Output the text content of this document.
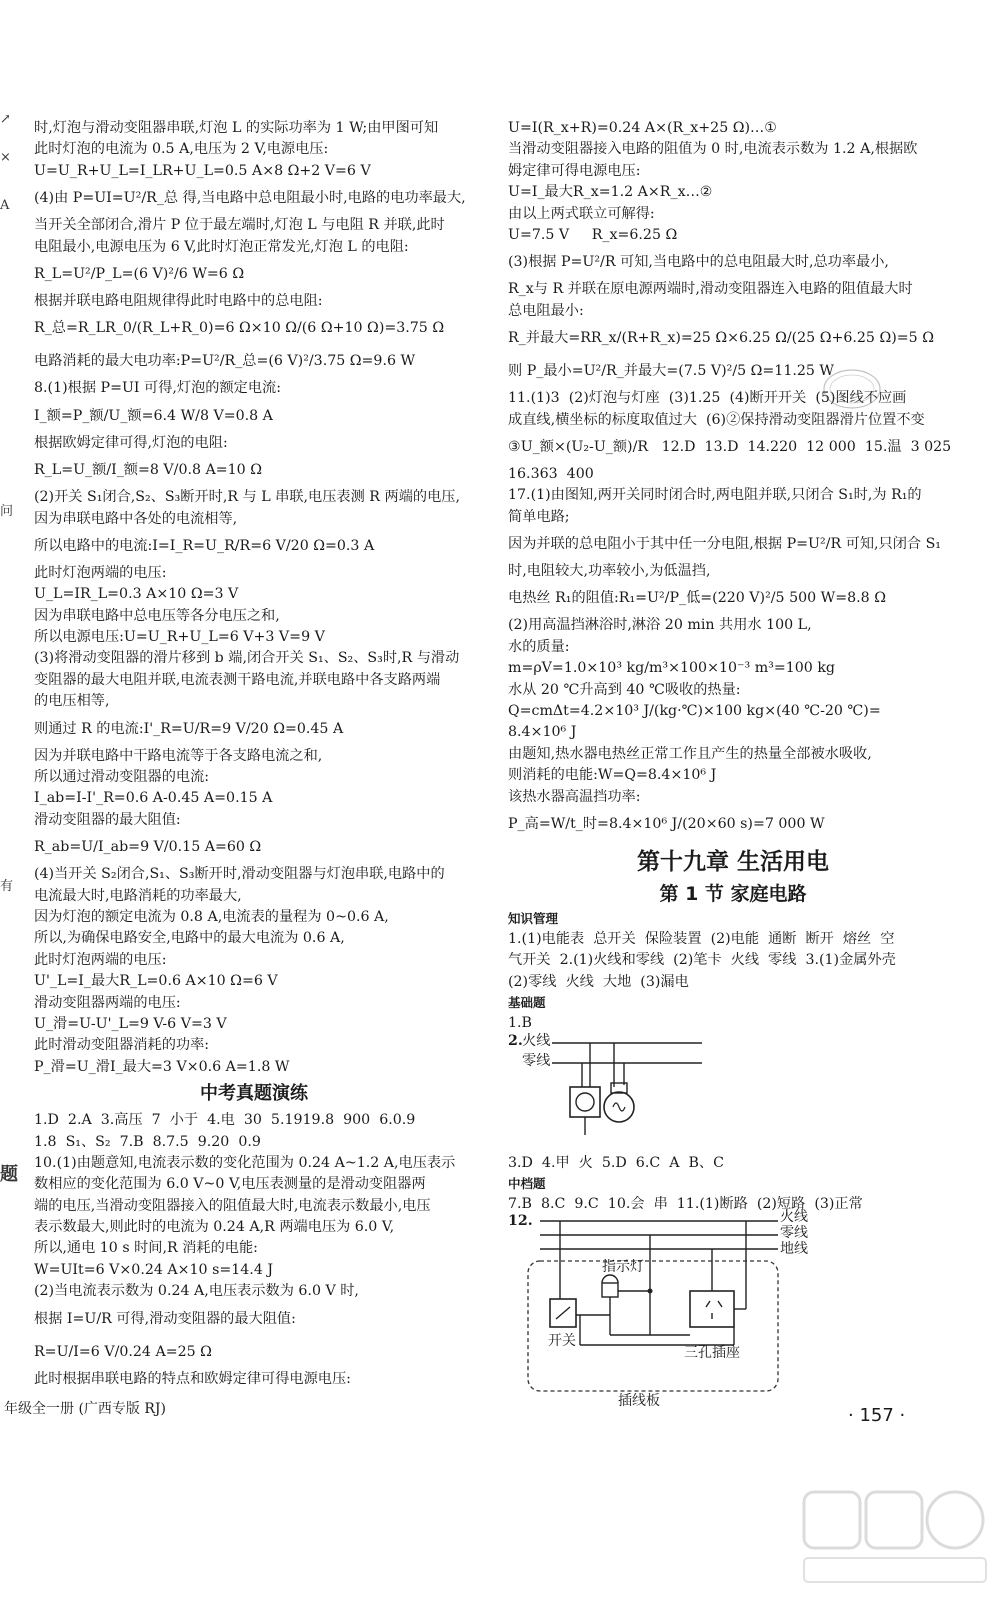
↗
×
A
问
有
题
时,灯泡与滑动变阻器串联,灯泡 L 的实际功率为 1 W;由甲图可知
此时灯泡的电流为 0.5 A,电压为 2 V,电源电压:
U=U_R+U_L=I_LR+U_L=0.5 A×8 Ω+2 V=6 V
(4)由 P=UI=U²/R_总 得,当电路中总电阻最小时,电路的电功率最大,
当开关全部闭合,滑片 P 位于最左端时,灯泡 L 与电阻 R 并联,此时
电阻最小,电源电压为 6 V,此时灯泡正常发光,灯泡 L 的电阻:
R_L=U²/P_L=(6 V)²/6 W=6 Ω
根据并联电路电阻规律得此时电路中的总电阻:
R_总=R_LR_0/(R_L+R_0)=6 Ω×10 Ω/(6 Ω+10 Ω)=3.75 Ω
电路消耗的最大电功率:P=U²/R_总=(6 V)²/3.75 Ω=9.6 W
8.(1)根据 P=UI 可得,灯泡的额定电流:
I_额=P_额/U_额=6.4 W/8 V=0.8 A
根据欧姆定律可得,灯泡的电阻:
R_L=U_额/I_额=8 V/0.8 A=10 Ω
(2)开关 S₁闭合,S₂、S₃断开时,R 与 L 串联,电压表测 R 两端的电压,
因为串联电路中各处的电流相等,
所以电路中的电流:I=I_R=U_R/R=6 V/20 Ω=0.3 A
此时灯泡两端的电压:
U_L=IR_L=0.3 A×10 Ω=3 V
因为串联电路中总电压等各分电压之和,
所以电源电压:U=U_R+U_L=6 V+3 V=9 V
(3)将滑动变阻器的滑片移到 b 端,闭合开关 S₁、S₂、S₃时,R 与滑动
变阻器的最大电阻并联,电流表测干路电流,并联电路中各支路两端
的电压相等,
则通过 R 的电流:I'_R=U/R=9 V/20 Ω=0.45 A
因为并联电路中干路电流等于各支路电流之和,
所以通过滑动变阻器的电流:
I_ab=I-I'_R=0.6 A-0.45 A=0.15 A
滑动变阻器的最大阻值:
R_ab=U/I_ab=9 V/0.15 A=60 Ω
(4)当开关 S₂闭合,S₁、S₃断开时,滑动变阻器与灯泡串联,电路中的
电流最大时,电路消耗的功率最大,
因为灯泡的额定电流为 0.8 A,电流表的量程为 0~0.6 A,
所以,为确保电路安全,电路中的最大电流为 0.6 A,
此时灯泡两端的电压:
U'_L=I_最大R_L=0.6 A×10 Ω=6 V
滑动变阻器两端的电压:
U_滑=U-U'_L=9 V-6 V=3 V
此时滑动变阻器消耗的功率:
P_滑=U_滑I_最大=3 V×0.6 A=1.8 W
中考真题演练
1.D  2.A  3.高压  7  小于  4.电  30  5.1919.8  900  6.0.9
1.8  S₁、S₂  7.B  8.7.5  9.20  0.9
10.(1)由题意知,电流表示数的变化范围为 0.24 A~1.2 A,电压表示
数相应的变化范围为 6.0 V~0 V,电压表测量的是滑动变阻器两
端的电压,当滑动变阻器接入的阻值最大时,电流表示数最小,电压
表示数最大,则此时的电流为 0.24 A,R 两端电压为 6.0 V,
所以,通电 10 s 时间,R 消耗的电能:
W=UIt=6 V×0.24 A×10 s=14.4 J
(2)当电流表示数为 0.24 A,电压表示数为 6.0 V 时,
根据 I=U/R 可得,滑动变阻器的最大阻值:
R=U/I=6 V/0.24 A=25 Ω
此时根据串联电路的特点和欧姆定律可得电源电压:
U=I(R_x+R)=0.24 A×(R_x+25 Ω)…①
当滑动变阻器接入电路的阻值为 0 时,电流表示数为 1.2 A,根据欧
姆定律可得电源电压:
U=I_最大R_x=1.2 A×R_x…②
由以上两式联立可解得:
U=7.5 V     R_x=6.25 Ω
(3)根据 P=U²/R 可知,当电路中的总电阻最大时,总功率最小,
R_x与 R 并联在原电源两端时,滑动变阻器连入电路的阻值最大时
总电阻最小:
R_并最大=RR_x/(R+R_x)=25 Ω×6.25 Ω/(25 Ω+6.25 Ω)=5 Ω
则 P_最小=U²/R_并最大=(7.5 V)²/5 Ω=11.25 W
11.(1)3  (2)灯泡与灯座  (3)1.25  (4)断开开关  (5)图线不应画
成直线,横坐标的标度取值过大  (6)②保持滑动变阻器滑片位置不变
③U_额×(U₂-U_额)/R   12.D  13.D  14.220  12 000  15.温  3 025
16.363  400
17.(1)由图知,两开关同时闭合时,两电阻并联,只闭合 S₁时,为 R₁的
简单电路;
因为并联的总电阻小于其中任一分电阻,根据 P=U²/R 可知,只闭合 S₁
时,电阻较大,功率较小,为低温挡,
电热丝 R₁的阻值:R₁=U²/P_低=(220 V)²/5 500 W=8.8 Ω
(2)用高温挡淋浴时,淋浴 20 min 共用水 100 L,
水的质量:
m=ρV=1.0×10³ kg/m³×100×10⁻³ m³=100 kg
水从 20 ℃升高到 40 ℃吸收的热量:
Q=cmΔt=4.2×10³ J/(kg·℃)×100 kg×(40 ℃-20 ℃)=
8.4×10⁶ J
由题知,热水器电热丝正常工作且产生的热量全部被水吸收,
则消耗的电能:W=Q=8.4×10⁶ J
该热水器高温挡功率:
P_高=W/t_时=8.4×10⁶ J/(20×60 s)=7 000 W
第十九章 生活用电
第 1 节 家庭电路
知识管理
1.(1)电能表  总开关  保险装置  (2)电能  通断  断开  熔丝  空
气开关  2.(1)火线和零线  (2)笔卡  火线  零线  3.(1)金属外壳
(2)零线  火线  大地  (3)漏电
基础题
1.B
2. 火线
零线
3.D  4.甲  火  5.D  6.C  A  B、C
中档题
7.B  8.C  9.C  10.会  串  11.(1)断路  (2)短路  (3)正常
12.	火线
零线
地线
指示灯
开关
三孔插座
插线板
年级全一册 (广西专版 RJ)	· 157 ·
